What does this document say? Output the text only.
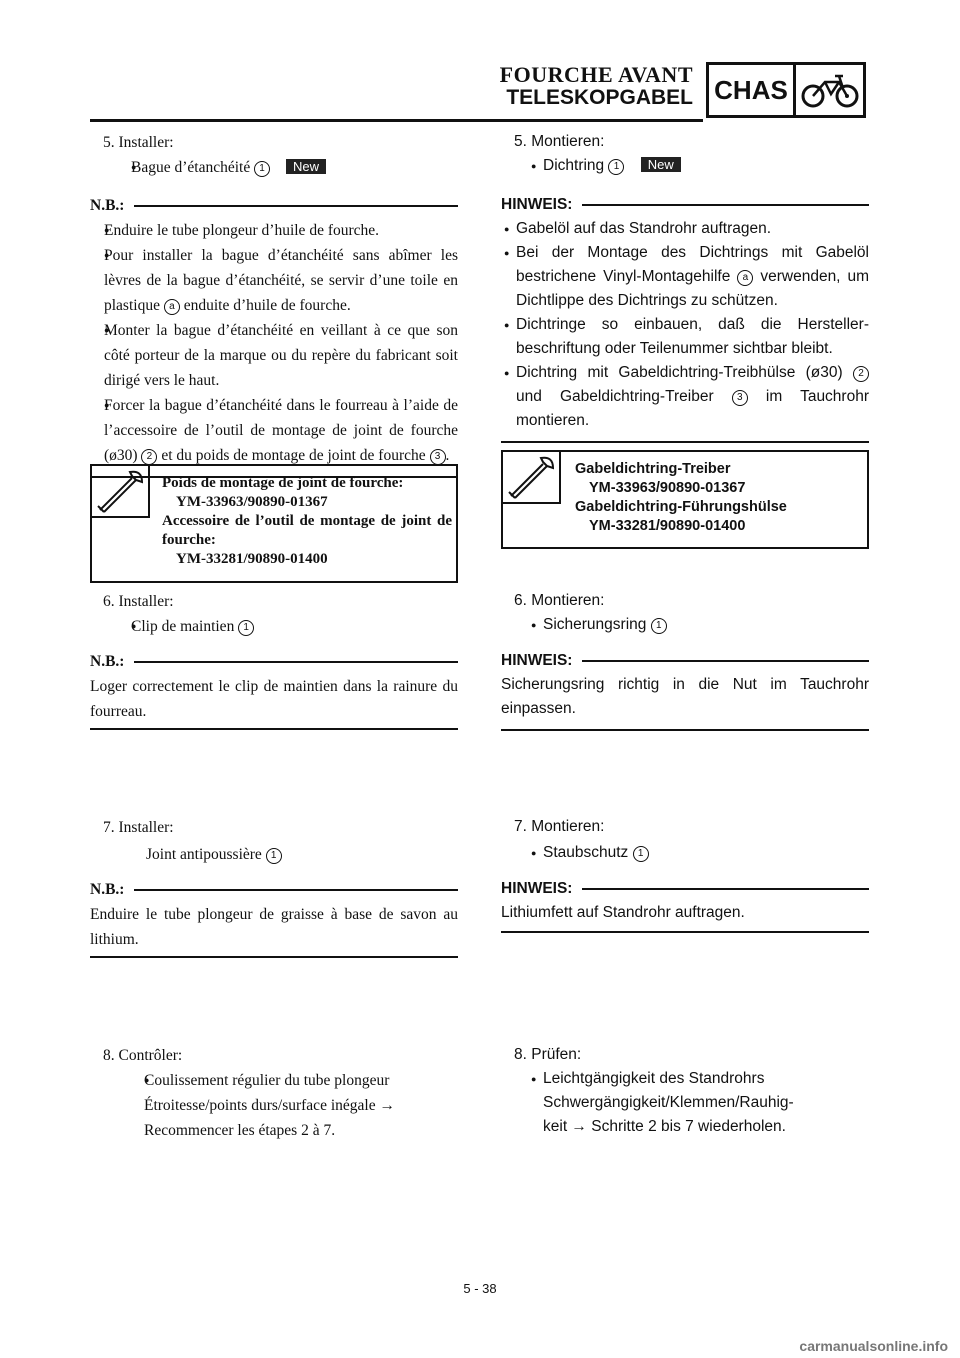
FOURCHE AVANT
TELESKOPGABEL CHAS
5. Installer:
● Bague d’étanchéité 1 New
N.B.:
● Enduire le tube plongeur d’huile de fourche.
● Pour installer la bague d’étanchéité sans abîmer les lèvres de la bague d’étanchéité, se servir d’une toile en plastique a enduite d’huile de fourche.
● Monter la bague d’étanchéité en veillant à ce que son côté porteur de la marque ou du repère du fabricant soit dirigé vers le haut.
● Forcer la bague d’étanchéité dans le fourreau à l’aide de l’accessoire de l’outil de montage de joint de fourche (ø30) 2 et du poids de montage de joint de fourche 3 .
Poids de montage de joint de fourche:
YM-33963/90890-01367
Accessoire de l’outil de montage de joint de fourche:
YM-33281/90890-01400
6. Installer:
● Clip de maintien 1
N.B.:
Loger correctement le clip de maintien dans la rainure du fourreau.
7. Installer:
Joint antipoussière 1
N.B.:
Enduire le tube plongeur de graisse à base de savon au lithium.
8. Contrôler:
● Coulissement régulier du tube plongeur
Étroitesse/points durs/surface inégale →
Recommencer les étapes 2 à 7.
5. Montieren:
● Dichtring 1 New
HINWEIS:
● Gabelöl auf das Standrohr auftragen.
● Bei der Montage des Dichtrings mit Gabelöl bestrichene Vinyl-Montagehilfe a verwenden, um Dichtlippe des Dichtrings zu schützen.
● Dichtringe so einbauen, daß die Hersteller-beschriftung oder Teilenummer sichtbar bleibt.
● Dichtring mit Gabeldichtring-Treibhülse (ø30) 2 und Gabeldichtring-Treiber 3 im Tauchrohr montieren.
Gabeldichtring-Treiber
YM-33963/90890-01367
Gabeldichtring-Führungshülse
YM-33281/90890-01400
6. Montieren:
● Sicherungsring 1
HINWEIS:
Sicherungsring richtig in die Nut im Tauchrohr einpassen.
7. Montieren:
● Staubschutz 1
HINWEIS:
Lithiumfett auf Standrohr auftragen.
8. Prüfen:
● Leichtgängigkeit des Standrohrs
Schwergängigkeit/Klemmen/Rauhig-
keit → Schritte 2 bis 7 wiederholen.
5 - 38
carmanualsonline.info
